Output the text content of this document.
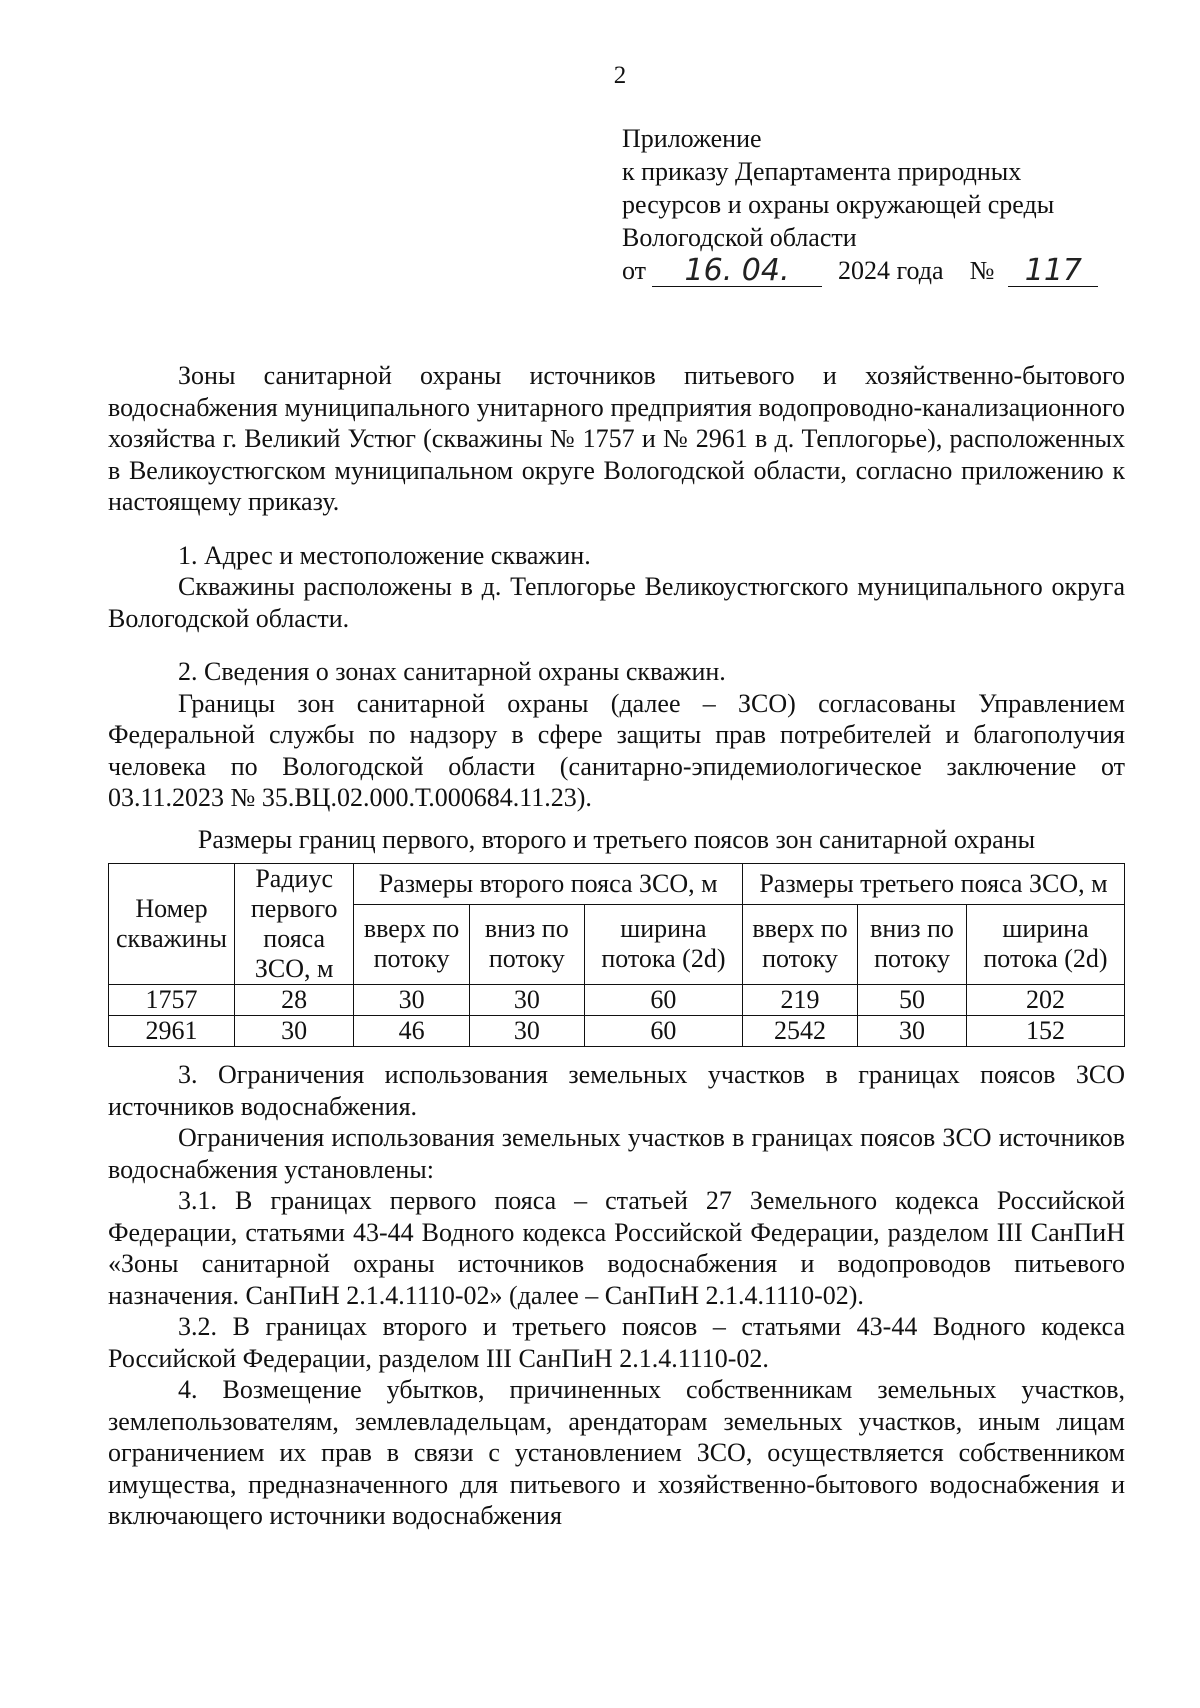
2
Приложение
к приказу Департамента природных
ресурсов и охраны окружающей среды
Вологодской области
от	16. 04.	2024 года №	117

Зоны санитарной охраны источников питьевого и хозяйственно-бытового водоснабжения муниципального унитарного предприятия водопроводно-канализационного хозяйства г. Великий Устюг (скважины № 1757 и № 2961 в д. Теплогорье), расположенных в Великоустюгском муниципальном округе Вологодской области, согласно приложению к настоящему приказу.

1. Адрес и местоположение скважин.

Скважины расположены в д. Теплогорье Великоустюгского муниципального округа Вологодской области.

2. Сведения о зонах санитарной охраны скважин.

Границы зон санитарной охраны (далее – ЗСО) согласованы Управлением Федеральной службы по надзору в сфере защиты прав потребителей и благополучия человека по Вологодской области (санитарно-эпидемиологическое заключение от 03.11.2023 № 35.ВЦ.02.000.Т.000684.11.23).

Размеры границ первого, второго и третьего поясов зон санитарной охраны

Номер скважины	Радиус первого пояса ЗСО, м	Размеры второго пояса ЗСО, м			Размеры третьего пояса ЗСО, м		
		вверх по потоку	вниз по потоку	ширина потока (2d)	вверх по потоку	вниз по потоку	ширина потока (2d)
1757	28	30	30	60	219	50	202
2961	30	46	30	60	2542	30	152

3. Ограничения использования земельных участков в границах поясов ЗСО источников водоснабжения.

Ограничения использования земельных участков в границах поясов ЗСО источников водоснабжения установлены:

3.1. В границах первого пояса – статьей 27 Земельного кодекса Российской Федерации, статьями 43-44 Водного кодекса Российской Федерации, разделом III СанПиН «Зоны санитарной охраны источников водоснабжения и водопроводов питьевого назначения. СанПиН 2.1.4.1110-02» (далее – СанПиН 2.1.4.1110-02).

3.2. В границах второго и третьего поясов – статьями 43-44 Водного кодекса Российской Федерации, разделом III СанПиН 2.1.4.1110-02.

4. Возмещение убытков, причиненных собственникам земельных участков, землепользователям, землевладельцам, арендаторам земельных участков, иным лицам ограничением их прав в связи с установлением ЗСО, осуществляется собственником имущества, предназначенного для питьевого и хозяйственно-бытового водоснабжения и включающего источники водоснабжения
